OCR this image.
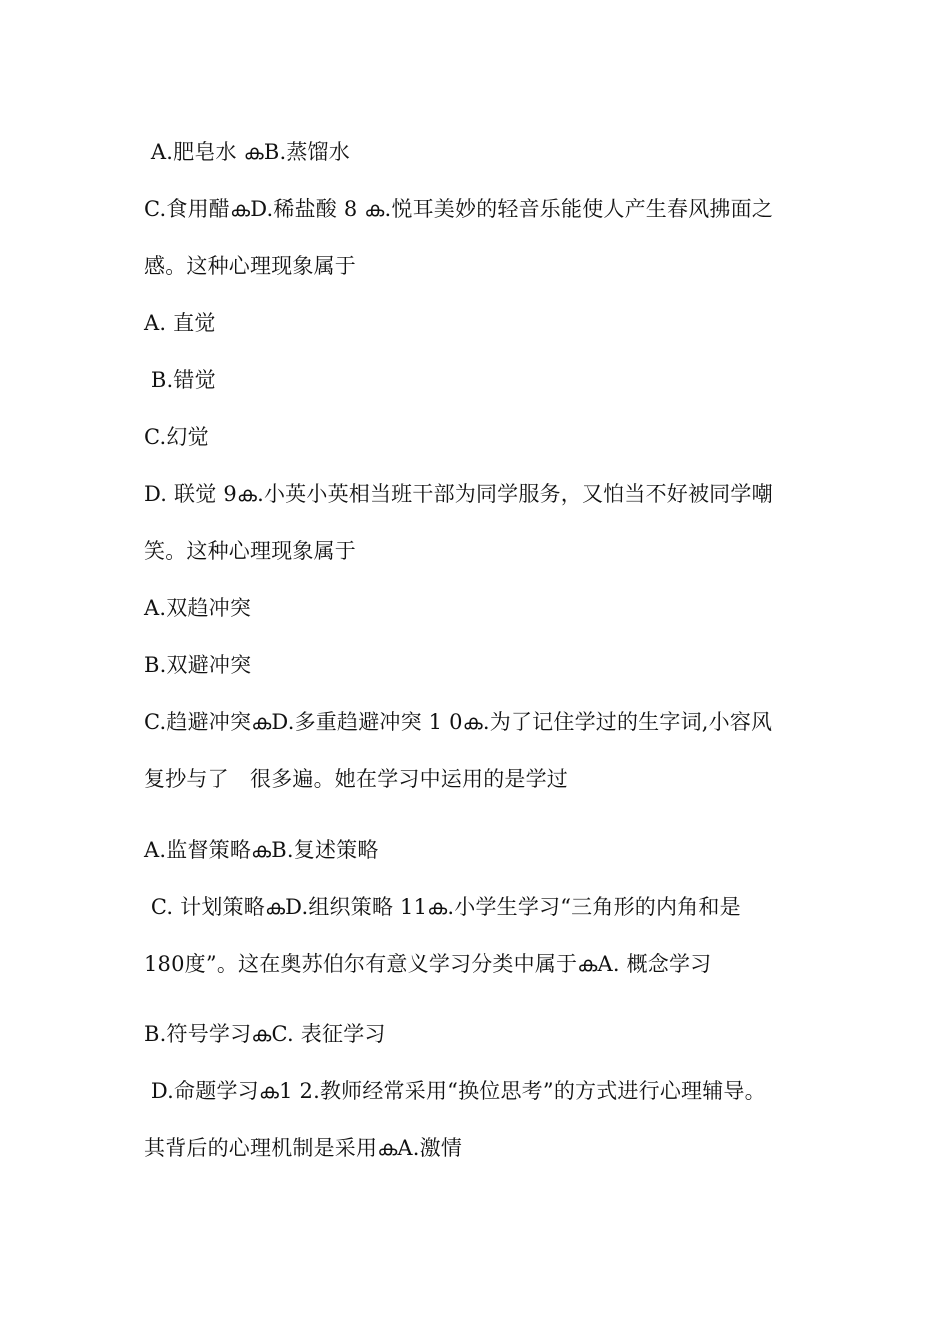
A.肥皂水 കB.蒸馏水
C.食用醋കD.稀盐酸 8 ക.悦耳美妙的轻音乐能使人产生春风拂面之
感。这种心理现象属于
A. 直觉
B.错觉
C.幻觉
D. 联觉 9ക.小英小英相当班干部为同学服务，又怕当不好被同学嘲
笑。这种心理现象属于
A.双趋冲突
B.双避冲突
C.趋避冲突കD.多重趋避冲突 1 0ക.为了记住学过的生字词,小容风
复抄与了　很多遍。她在学习中运用的是学过
A.监督策略കB.复述策略
C. 计划策略കD.组织策略 11ക.小学生学习“三角形的内角和是
180度”。这在奥苏伯尔有意义学习分类中属于കA. 概念学习
B.符号学习കC. 表征学习
D.命题学习ക1 2.教师经常采用“换位思考”的方式进行心理辅导。
其背后的心理机制是采用കA.激情
